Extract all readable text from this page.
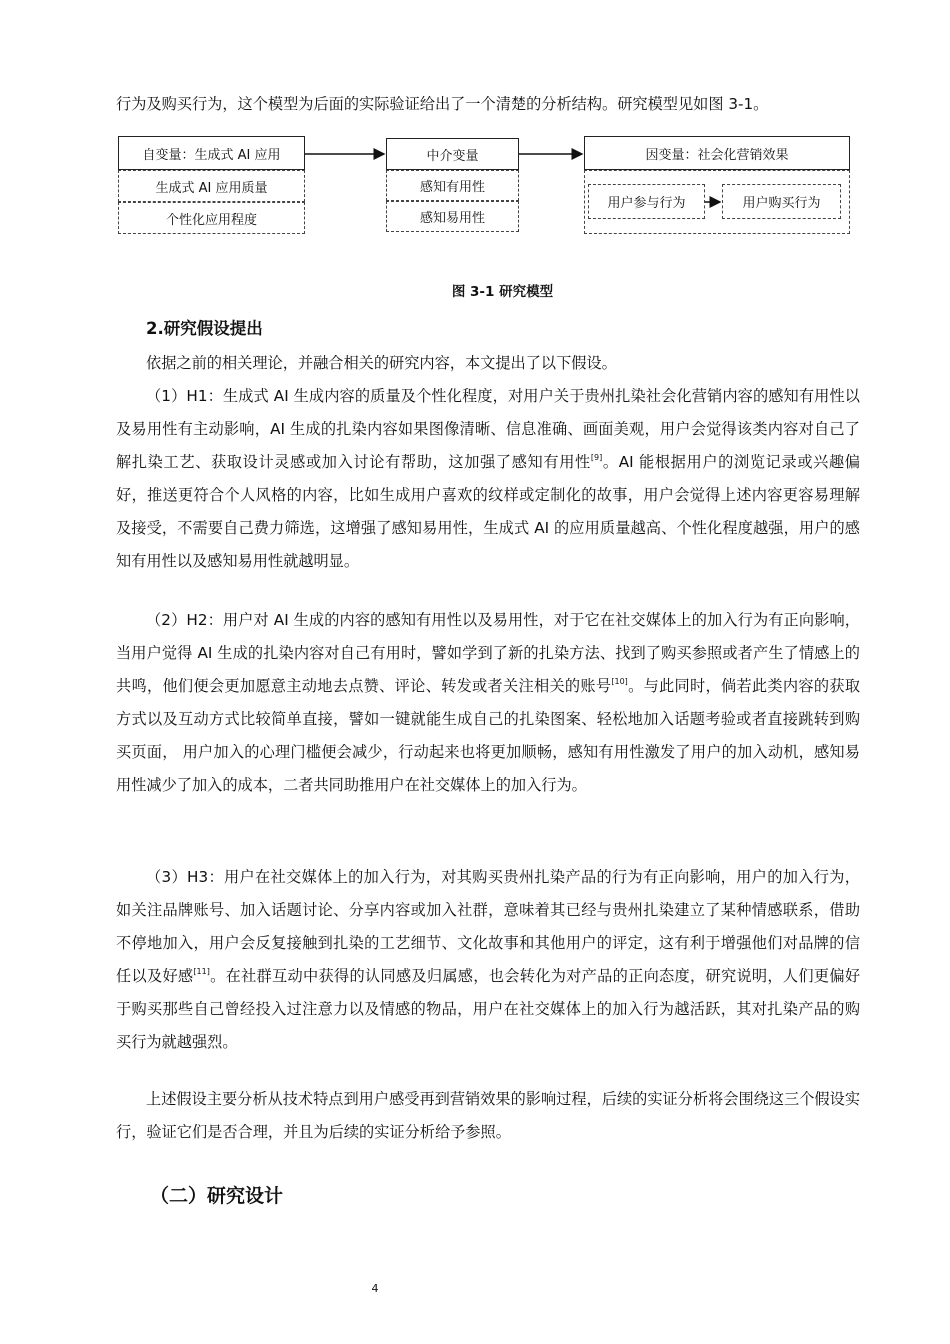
行为及购买行为，这个模型为后面的实际验证给出了一个清楚的分析结构。研究模型见如图 3-1。

自变量：生成式 AI 应用
生成式 AI 应用质量
个性化应用程度
中介变量
感知有用性
感知易用性
因变量：社会化营销效果
用户参与行为	用户购买行为
图 3-1 研究模型
2.研究假设提出

依据之前的相关理论，并融合相关的研究内容，本文提出了以下假设。

（1）H1：生成式 AI 生成内容的质量及个性化程度，对用户关于贵州扎染社会化营销内容的感知有用性以及易用性有主动影响，AI 生成的扎染内容如果图像清晰、信息准确、画面美观，用户会觉得该类内容对自己了解扎染工艺、获取设计灵感或加入讨论有帮助，这加强了感知有用性[9]。AI 能根据用户的浏览记录或兴趣偏好，推送更符合个人风格的内容，比如生成用户喜欢的纹样或定制化的故事，用户会觉得上述内容更容易理解及接受，不需要自己费力筛选，这增强了感知易用性，生成式 AI 的应用质量越高、个性化程度越强，用户的感知有用性以及感知易用性就越明显。

（2）H2：用户对 AI 生成的内容的感知有用性以及易用性，对于它在社交媒体上的加入行为有正向影响，当用户觉得 AI 生成的扎染内容对自己有用时，譬如学到了新的扎染方法、找到了购买参照或者产生了情感上的共鸣，他们便会更加愿意主动地去点赞、评论、转发或者关注相关的账号[10]。与此同时，倘若此类内容的获取方式以及互动方式比较简单直接，譬如一键就能生成自己的扎染图案、轻松地加入话题考验或者直接跳转到购买页面， 用户加入的心理门槛便会减少，行动起来也将更加顺畅，感知有用性激发了用户的加入动机，感知易用性减少了加入的成本，二者共同助推用户在社交媒体上的加入行为。

（3）H3：用户在社交媒体上的加入行为，对其购买贵州扎染产品的行为有正向影响，用户的加入行为，如关注品牌账号、加入话题讨论、分享内容或加入社群，意味着其已经与贵州扎染建立了某种情感联系，借助不停地加入，用户会反复接触到扎染的工艺细节、文化故事和其他用户的评定，这有利于增强他们对品牌的信任以及好感[11]。在社群互动中获得的认同感及归属感，也会转化为对产品的正向态度，研究说明，人们更偏好于购买那些自己曾经投入过注意力以及情感的物品，用户在社交媒体上的加入行为越活跃，其对扎染产品的购买行为就越强烈。

上述假设主要分析从技术特点到用户感受再到营销效果的影响过程，后续的实证分析将会围绕这三个假设实行，验证它们是否合理，并且为后续的实证分析给予参照。

（二）研究设计
4
